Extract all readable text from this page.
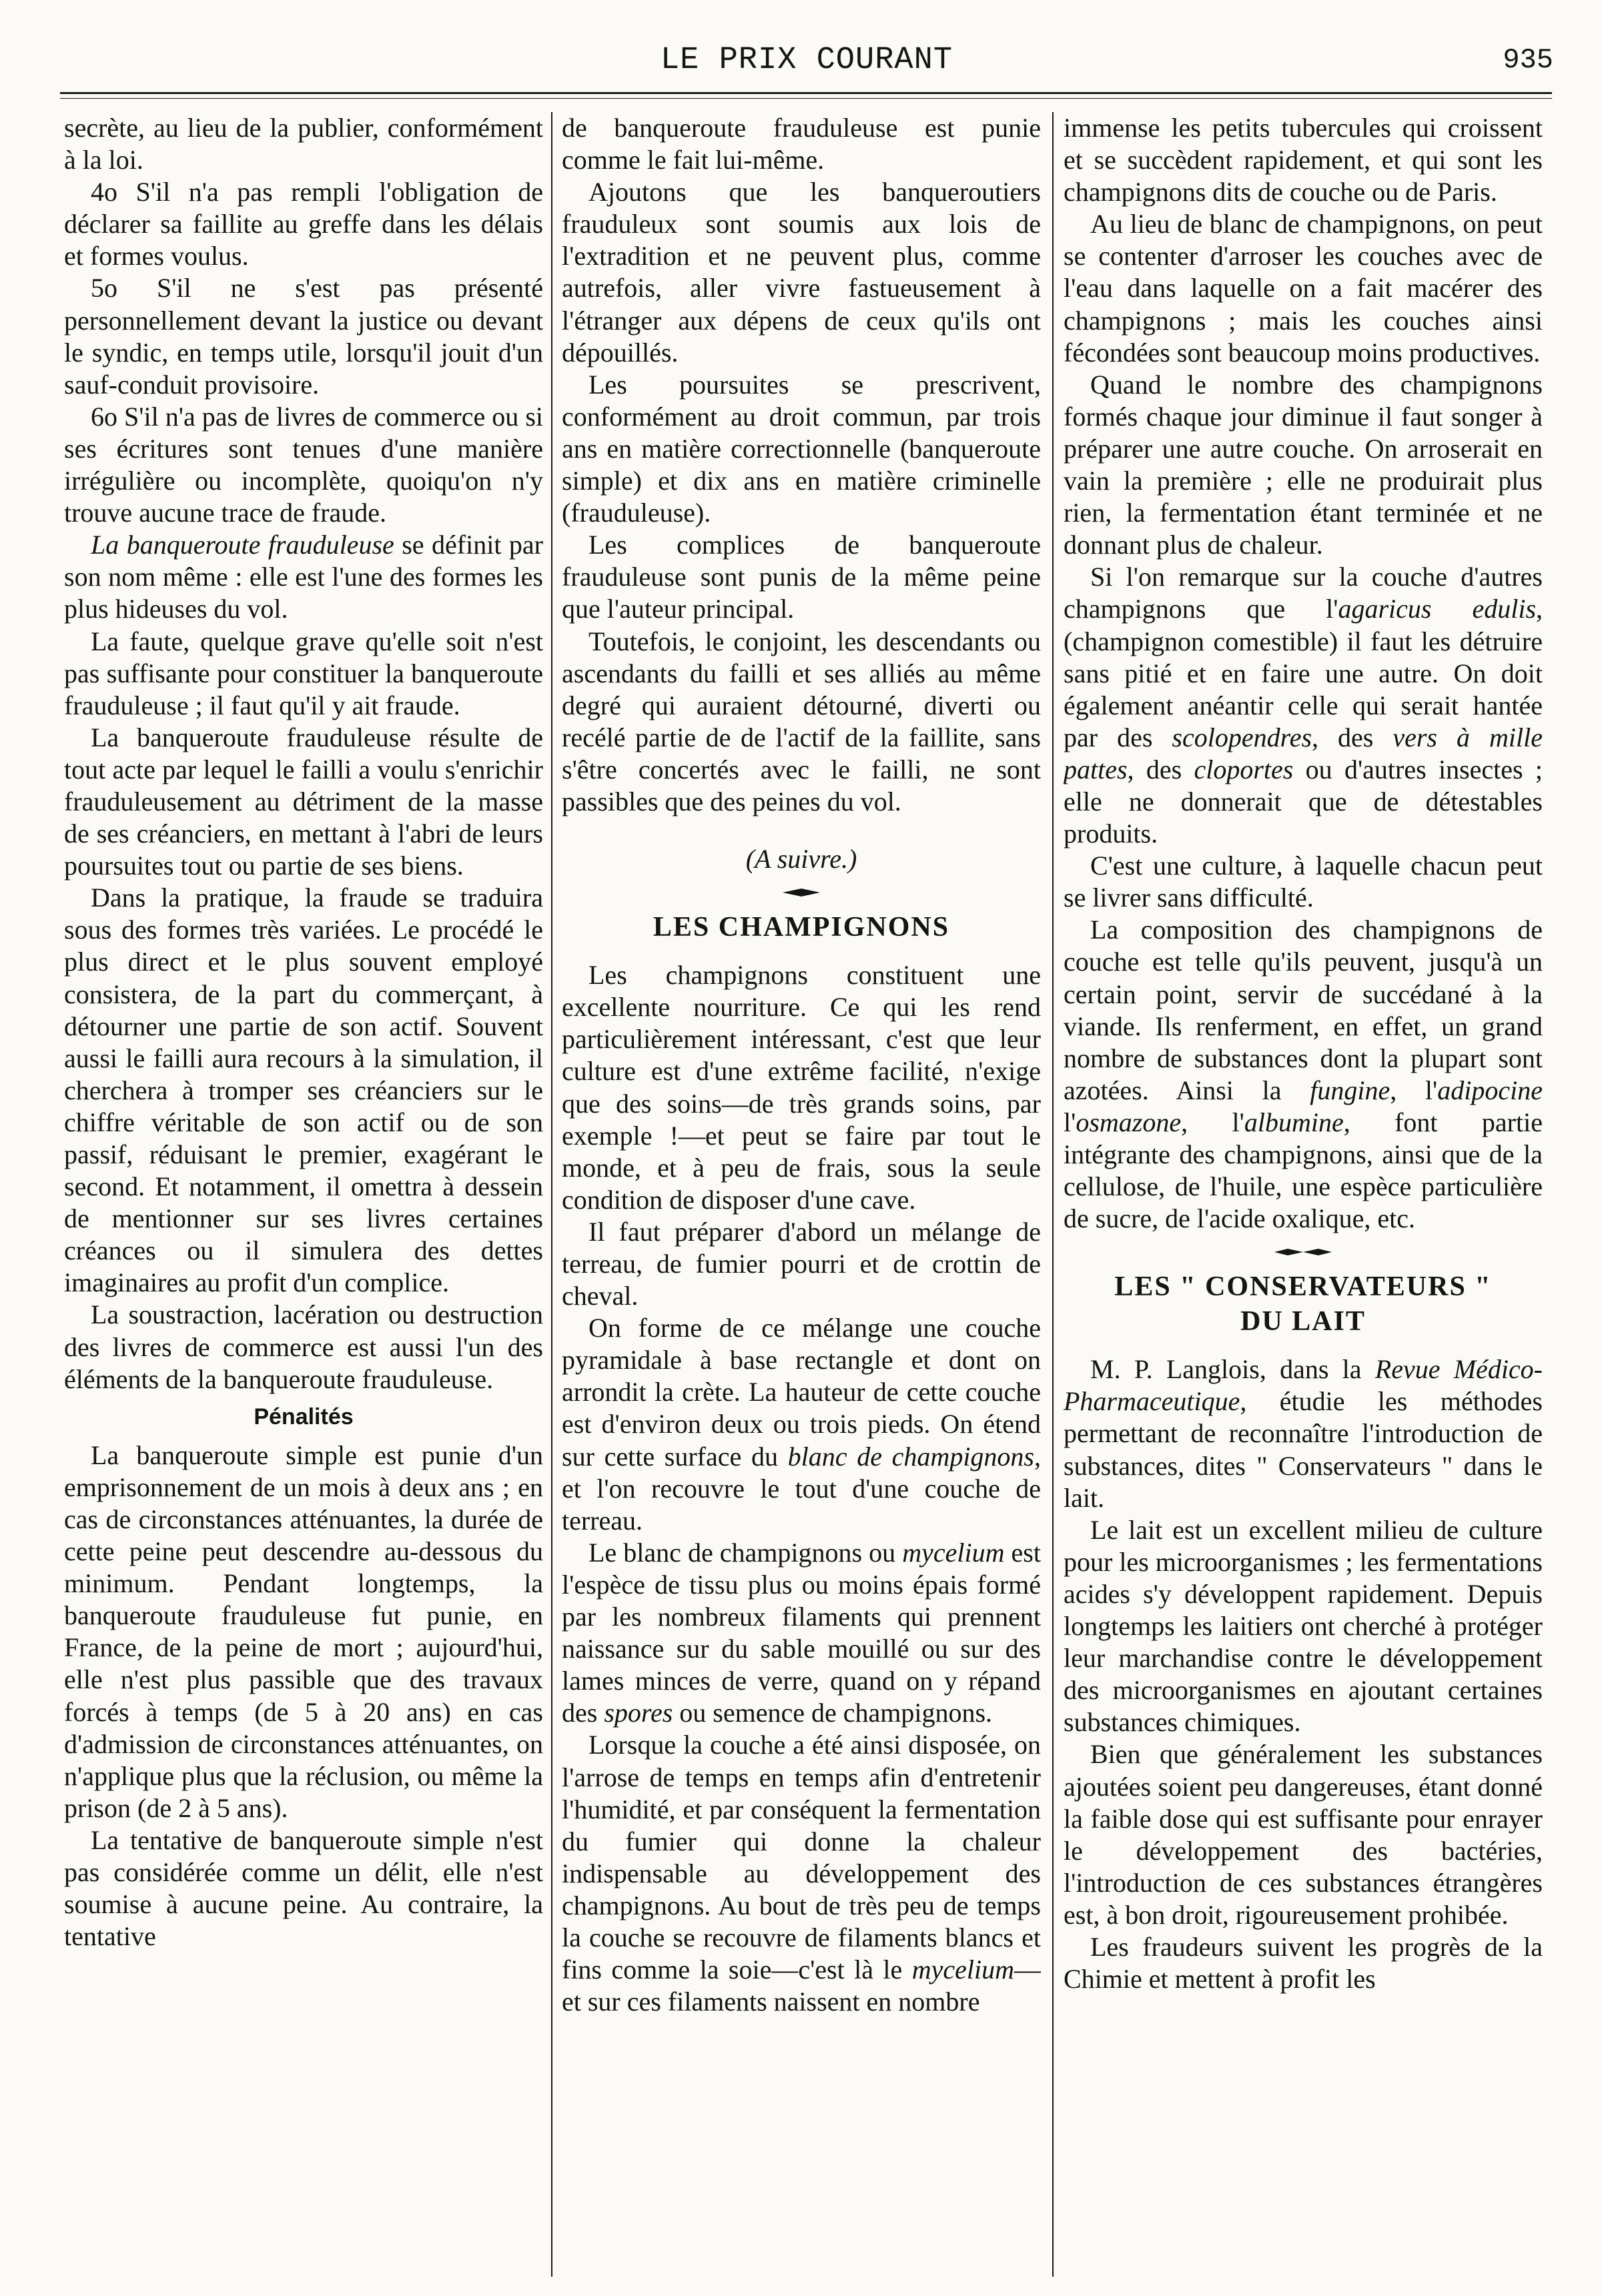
LE PRIX COURANT	935

secrète, au lieu de la publier, conformément à la loi.

4o S'il n'a pas rempli l'obligation de déclarer sa faillite au greffe dans les délais et formes voulus.

5o S'il ne s'est pas présenté personnellement devant la justice ou devant le syndic, en temps utile, lorsqu'il jouit d'un sauf-conduit provisoire.

6o S'il n'a pas de livres de commerce ou si ses écritures sont tenues d'une manière irrégulière ou incomplète, quoiqu'on n'y trouve aucune trace de fraude.

La banqueroute frauduleuse se définit par son nom même : elle est l'une des formes les plus hideuses du vol.

La faute, quelque grave qu'elle soit n'est pas suffisante pour constituer la banqueroute frauduleuse ; il faut qu'il y ait fraude.

La banqueroute frauduleuse résulte de tout acte par lequel le failli a voulu s'enrichir frauduleusement au détriment de la masse de ses créanciers, en mettant à l'abri de leurs poursuites tout ou partie de ses biens.

Dans la pratique, la fraude se traduira sous des formes très variées. Le procédé le plus direct et le plus souvent employé consistera, de la part du commerçant, à détourner une partie de son actif. Souvent aussi le failli aura recours à la simulation, il cherchera à tromper ses créanciers sur le chiffre véritable de son actif ou de son passif, réduisant le premier, exagérant le second. Et notamment, il omettra à dessein de mentionner sur ses livres certaines créances ou il simulera des dettes imaginaires au profit d'un complice.

La soustraction, lacération ou destruction des livres de commerce est aussi l'un des éléments de la banqueroute frauduleuse.

Pénalités

La banqueroute simple est punie d'un emprisonnement de un mois à deux ans ; en cas de circonstances atténuantes, la durée de cette peine peut descendre au-dessous du minimum. Pendant longtemps, la banqueroute frauduleuse fut punie, en France, de la peine de mort ; aujourd'hui, elle n'est plus passible que des travaux forcés à temps (de 5 à 20 ans) en cas d'admission de circonstances atténuantes, on n'applique plus que la réclusion, ou même la prison (de 2 à 5 ans).

La tentative de banqueroute simple n'est pas considérée comme un délit, elle n'est soumise à aucune peine. Au contraire, la tentative

de banqueroute frauduleuse est punie comme le fait lui-même.

Ajoutons que les banqueroutiers frauduleux sont soumis aux lois de l'extradition et ne peuvent plus, comme autrefois, aller vivre fastueusement à l'étranger aux dépens de ceux qu'ils ont dépouillés.

Les poursuites se prescrivent, conformément au droit commun, par trois ans en matière correctionnelle (banqueroute simple) et dix ans en matière criminelle (frauduleuse).

Les complices de banqueroute frauduleuse sont punis de la même peine que l'auteur principal.

Toutefois, le conjoint, les descendants ou ascendants du failli et ses alliés au même degré qui auraient détourné, diverti ou recélé partie de de l'actif de la faillite, sans s'être concertés avec le failli, ne sont passibles que des peines du vol.

(A suivre.)
LES CHAMPIGNONS

Les champignons constituent une excellente nourriture. Ce qui les rend particulièrement intéressant, c'est que leur culture est d'une extrême facilité, n'exige que des soins—de très grands soins, par exemple !—et peut se faire par tout le monde, et à peu de frais, sous la seule condition de disposer d'une cave.

Il faut préparer d'abord un mélange de terreau, de fumier pourri et de crottin de cheval.

On forme de ce mélange une couche pyramidale à base rectangle et dont on arrondit la crète. La hauteur de cette couche est d'environ deux ou trois pieds. On étend sur cette surface du blanc de champignons, et l'on recouvre le tout d'une couche de terreau.

Le blanc de champignons ou mycelium est l'espèce de tissu plus ou moins épais formé par les nombreux filaments qui prennent naissance sur du sable mouillé ou sur des lames minces de verre, quand on y répand des spores ou semence de champignons.

Lorsque la couche a été ainsi disposée, on l'arrose de temps en temps afin d'entretenir l'humidité, et par conséquent la fermentation du fumier qui donne la chaleur indispensable au développement des champignons. Au bout de très peu de temps la couche se recouvre de filaments blancs et fins comme la soie—c'est là le mycelium—et sur ces filaments naissent en nombre

immense les petits tubercules qui croissent et se succèdent rapidement, et qui sont les champignons dits de couche ou de Paris.

Au lieu de blanc de champignons, on peut se contenter d'arroser les couches avec de l'eau dans laquelle on a fait macérer des champignons ; mais les couches ainsi fécondées sont beaucoup moins productives.

Quand le nombre des champignons formés chaque jour diminue il faut songer à préparer une autre couche. On arroserait en vain la première ; elle ne produirait plus rien, la fermentation étant terminée et ne donnant plus de chaleur.

Si l'on remarque sur la couche d'autres champignons que l'agaricus edulis, (champignon comestible) il faut les détruire sans pitié et en faire une autre. On doit également anéantir celle qui serait hantée par des scolopendres, des vers à mille pattes, des cloportes ou d'autres insectes ; elle ne donnerait que de détestables produits.

C'est une culture, à laquelle chacun peut se livrer sans difficulté.

La composition des champignons de couche est telle qu'ils peuvent, jusqu'à un certain point, servir de succédané à la viande. Ils renferment, en effet, un grand nombre de substances dont la plupart sont azotées. Ainsi la fungine, l'adipocine l'osmazone, l'albumine, font partie intégrante des champignons, ainsi que de la cellulose, de l'huile, une espèce particulière de sucre, de l'acide oxalique, etc.

LES " CONSERVATEURS "
DU LAIT

M. P. Langlois, dans la Revue Médico-Pharmaceutique, étudie les méthodes permettant de reconnaître l'introduction de substances, dites " Conservateurs " dans le lait.

Le lait est un excellent milieu de culture pour les microorganismes ; les fermentations acides s'y développent rapidement. Depuis longtemps les laitiers ont cherché à protéger leur marchandise contre le développement des microorganismes en ajoutant certaines substances chimiques.

Bien que généralement les substances ajoutées soient peu dangereuses, étant donné la faible dose qui est suffisante pour enrayer le développement des bactéries, l'introduction de ces substances étrangères est, à bon droit, rigoureusement prohibée.

Les fraudeurs suivent les progrès de la Chimie et mettent à profit les
